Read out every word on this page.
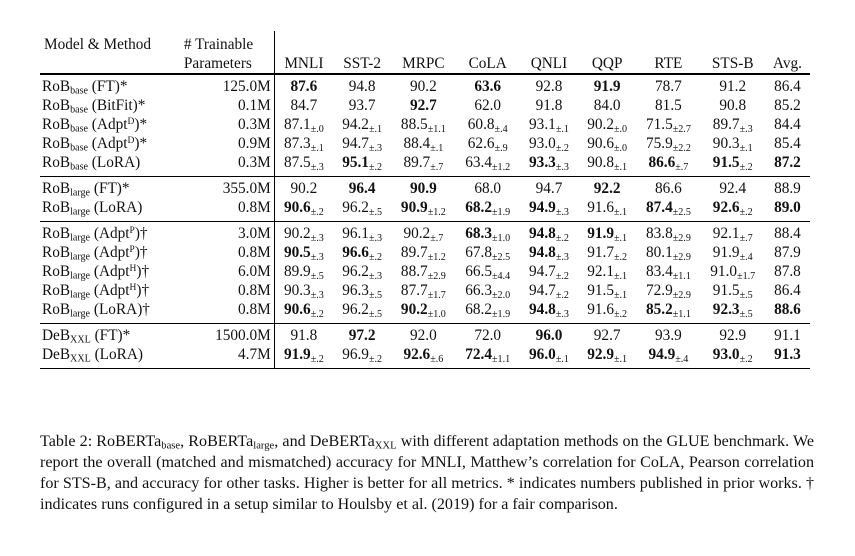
Model & Method	# Trainable									
	Parameters	MNLI	SST-2	MRPC	CoLA	QNLI	QQP	RTE	STS-B	Avg.
RoB$_{base}$ (FT)*	125.0M	87.6	94.8	90.2	63.6	92.8	91.9	78.7	91.2	86.4
RoB$_{base}$ (BitFit)*	0.1M	84.7	93.7	92.7	62.0	91.8	84.0	81.5	90.8	85.2
RoB$_{base}$ (Adpt$^D$)*	0.3M	87.1±.0	94.2±.1	88.5±1.1	60.8±.4	93.1±.1	90.2±.0	71.5±2.7	89.7±.3	84.4
RoB$_{base}$ (Adpt$^D$)*	0.9M	87.3±.1	94.7±.3	88.4±.1	62.6±.9	93.0±.2	90.6±.0	75.9±2.2	90.3±.1	85.4
RoB$_{base}$ (LoRA)	0.3M	87.5±.3	95.1±.2	89.7±.7	63.4±1.2	93.3±.3	90.8±.1	86.6±.7	91.5±.2	87.2
RoB$_{large}$ (FT)*	355.0M	90.2	96.4	90.9	68.0	94.7	92.2	86.6	92.4	88.9
RoB$_{large}$ (LoRA)	0.8M	90.6±.2	96.2±.5	90.9±1.2	68.2±1.9	94.9±.3	91.6±.1	87.4±2.5	92.6±.2	89.0
RoB$_{large}$ (Adpt$^P$)†	3.0M	90.2±.3	96.1±.3	90.2±.7	68.3±1.0	94.8±.2	91.9±.1	83.8±2.9	92.1±.7	88.4
RoB$_{large}$ (Adpt$^P$)†	0.8M	90.5±.3	96.6±.2	89.7±1.2	67.8±2.5	94.8±.3	91.7±.2	80.1±2.9	91.9±.4	87.9
RoB$_{large}$ (Adpt$^H$)†	6.0M	89.9±.5	96.2±.3	88.7±2.9	66.5±4.4	94.7±.2	92.1±.1	83.4±1.1	91.0±1.7	87.8
RoB$_{large}$ (Adpt$^H$)†	0.8M	90.3±.3	96.3±.5	87.7±1.7	66.3±2.0	94.7±.2	91.5±.1	72.9±2.9	91.5±.5	86.4
RoB$_{large}$ (LoRA)†	0.8M	90.6±.2	96.2±.5	90.2±1.0	68.2±1.9	94.8±.3	91.6±.2	85.2±1.1	92.3±.5	88.6
DeB$_{XXL}$ (FT)*	1500.0M	91.8	97.2	92.0	72.0	96.0	92.7	93.9	92.9	91.1
DeB$_{XXL}$ (LoRA)	4.7M	91.9±.2	96.9±.2	92.6±.6	72.4±1.1	96.0±.1	92.9±.1	94.9±.4	93.0±.2	91.3

Table 2: RoBERTa$_{base}$, RoBERTa$_{large}$, and DeBERTa$_{XXL}$ with different adaptation methods on the GLUE benchmark. We report the overall (matched and mismatched) accuracy for MNLI, Matthew’s correlation for CoLA, Pearson correlation for STS-B, and accuracy for other tasks. Higher is better for all metrics. * indicates numbers published in prior works. † indicates runs configured in a setup similar to Houlsby et al. (2019) for a fair comparison.
